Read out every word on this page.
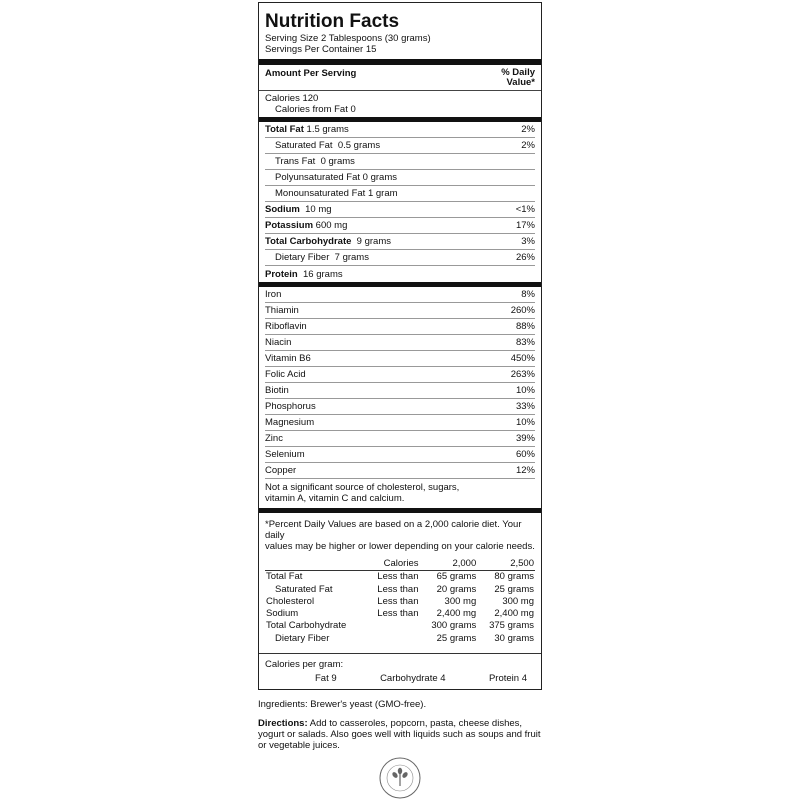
Nutrition Facts
Serving Size 2 Tablespoons (30 grams)
Servings Per Container 15
Amount Per Serving	% Daily
Value*
Calories 120
Calories from Fat 0
Total Fat 1.5 grams	2%
Saturated Fat  0.5 grams	2%
Trans Fat  0 grams
Polyunsaturated Fat 0 grams
Monounsaturated Fat 1 gram
Sodium  10 mg	<1%
Potassium 600 mg	17%
Total Carbohydrate  9 grams	3%
Dietary Fiber  7 grams	26%
Protein  16 grams
Iron	8%
Thiamin	260%
Riboflavin	88%
Niacin	83%
Vitamin B6	450%
Folic Acid	263%
Biotin	10%
Phosphorus	33%
Magnesium	10%
Zinc	39%
Selenium	60%
Copper	12%
Not a significant source of cholesterol, sugars,
vitamin A, vitamin C and calcium.
*Percent Daily Values are based on a 2,000 calorie diet. Your daily
values may be higher or lower depending on your calorie needs.
	Calories	2,000	2,500
Total Fat	Less than	65 grams	80 grams
Saturated Fat	Less than	20 grams	25 grams
Cholesterol	Less than	300 mg	300 mg
Sodium	Less than	2,400 mg	2,400 mg
Total Carbohydrate		300 grams	375 grams
Dietary Fiber		25 grams	30 grams
Calories per gram:
Fat 9	Carbohydrate 4	Protein 4
Ingredients: Brewer's yeast (GMO-free).
Directions: Add to casseroles, popcorn, pasta, cheese dishes, yogurt or salads. Also goes well with liquids such as soups and fruit or vegetable juices.
